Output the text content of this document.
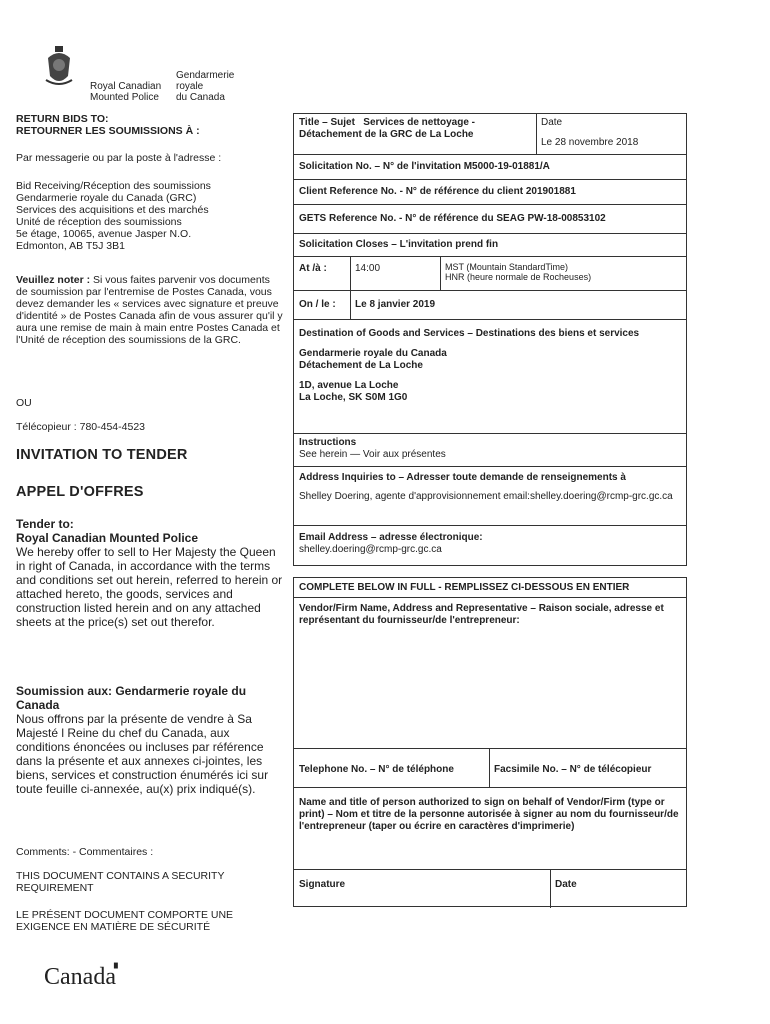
Royal CanadianGendarmerie royale
Mounted Police du Canada

RETURN BIDS TO:

RETOURNER LES SOUMISSIONS À :

Par messagerie ou par la poste à l'adresse :

Bid Receiving/Réception des soumissions

Gendarmerie royale du Canada (GRC)

Services des acquisitions et des marchés

Unité de réception des soumissions

5e étage, 10065, avenue Jasper N.O.

Edmonton, AB T5J 3B1

Veuillez noter : Si vous faites parvenir vos documents de soumission par l'entremise de Postes Canada, vous devez demander les « services avec signature et preuve d'identité » de Postes Canada afin de vous assurer qu'il y aura une remise de main à main entre Postes Canada et l'Unité de réception des soumissions de la GRC.
OU
Télécopieur : 780-454-4523
INVITATION TO TENDER
APPEL D'OFFRES
Tender to:
Royal Canadian Mounted Police
We hereby offer to sell to Her Majesty the Queen in right of Canada, in accordance with the terms and conditions set out herein, referred to herein or attached hereto, the goods, services and construction listed herein and on any attached sheets at the price(s) set out therefor.
Soumission aux: Gendarmerie royale du Canada
Nous offrons par la présente de vendre à Sa Majesté l Reine du chef du Canada, aux conditions énoncées ou incluses par référence dans la présente et aux annexes ci-jointes, les biens, services et construction énumérés ici sur toute feuille ci-annexée, au(x) prix indiqué(s).
Comments: - Commentaires :
THIS DOCUMENT CONTAINS A SECURITY REQUIREMENT
LE PRÉSENT DOCUMENT COMPORTE UNE EXIGENCE EN MATIÈRE DE SÉCURITÉ
Canada▘
Title – Sujet Services de nettoyage - Détachement de la GRC de La Loche
Date
Le 28 novembre 2018
Solicitation No. – N° de l'invitation M5000-19-01881/A
Client Reference No. - N° de référence du client 201901881
GETS Reference No. - N° de référence du SEAG PW-18-00853102
Solicitation Closes – L'invitation prend fin
At /à :	14:00	MST (Mountain StandardTime)
HNR (heure normale de Rocheuses)
On / le :	Le 8 janvier 2019
Destination of Goods and Services – Destinations des biens et services
Gendarmerie royale du Canada
Détachement de La Loche
1D, avenue La Loche
La Loche, SK S0M 1G0
Instructions
See herein — Voir aux présentes
Address Inquiries to – Adresser toute demande de renseignements à
Shelley Doering, agente d'approvisionnement email:shelley.doering@rcmp-grc.gc.ca
Email Address – adresse électronique:
shelley.doering@rcmp-grc.gc.ca
COMPLETE BELOW IN FULL - REMPLISSEZ CI-DESSOUS EN ENTIER
Vendor/Firm Name, Address and Representative – Raison sociale, adresse et représentant du fournisseur/de l'entrepreneur:
Telephone No. – N° de téléphone	Facsimile No. – N° de télécopieur
Name and title of person authorized to sign on behalf of Vendor/Firm (type or print) – Nom et titre de la personne autorisée à signer au nom du fournisseur/de l'entrepreneur (taper ou écrire en caractères d'imprimerie)
Signature	Date
